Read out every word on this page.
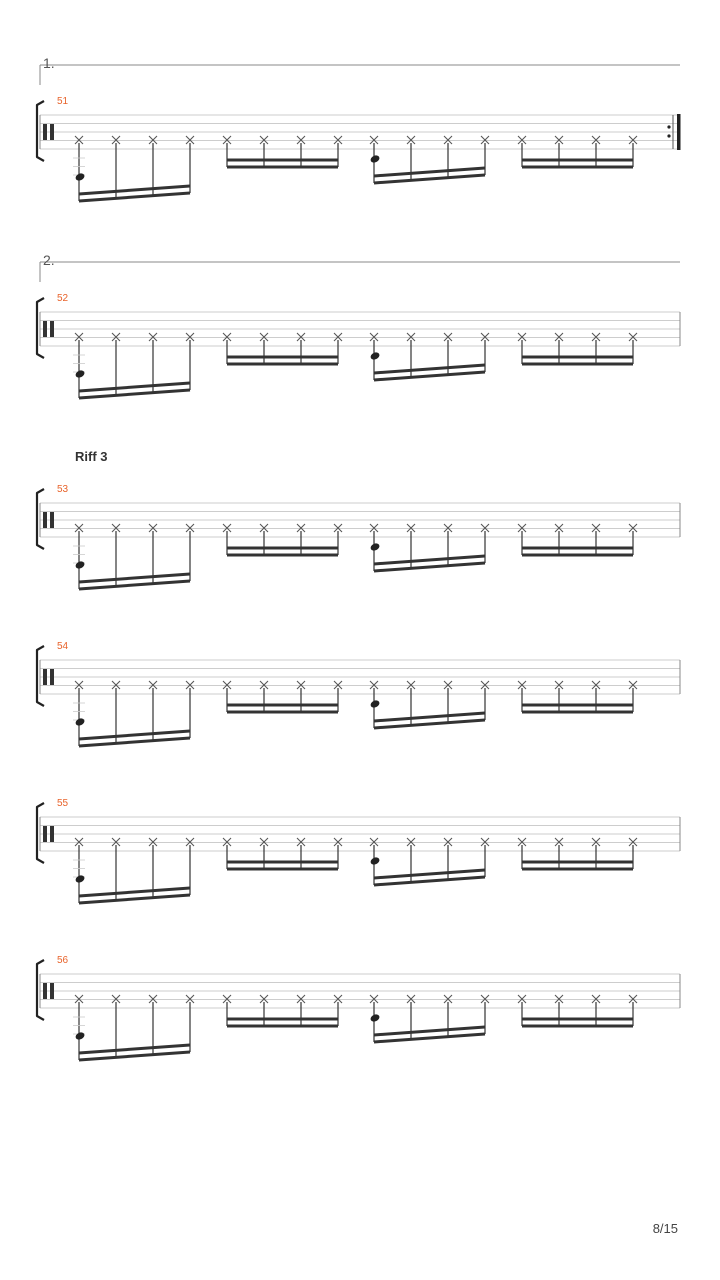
1.
51
2.
52
Riff 3
53
54
55
56
8/15
